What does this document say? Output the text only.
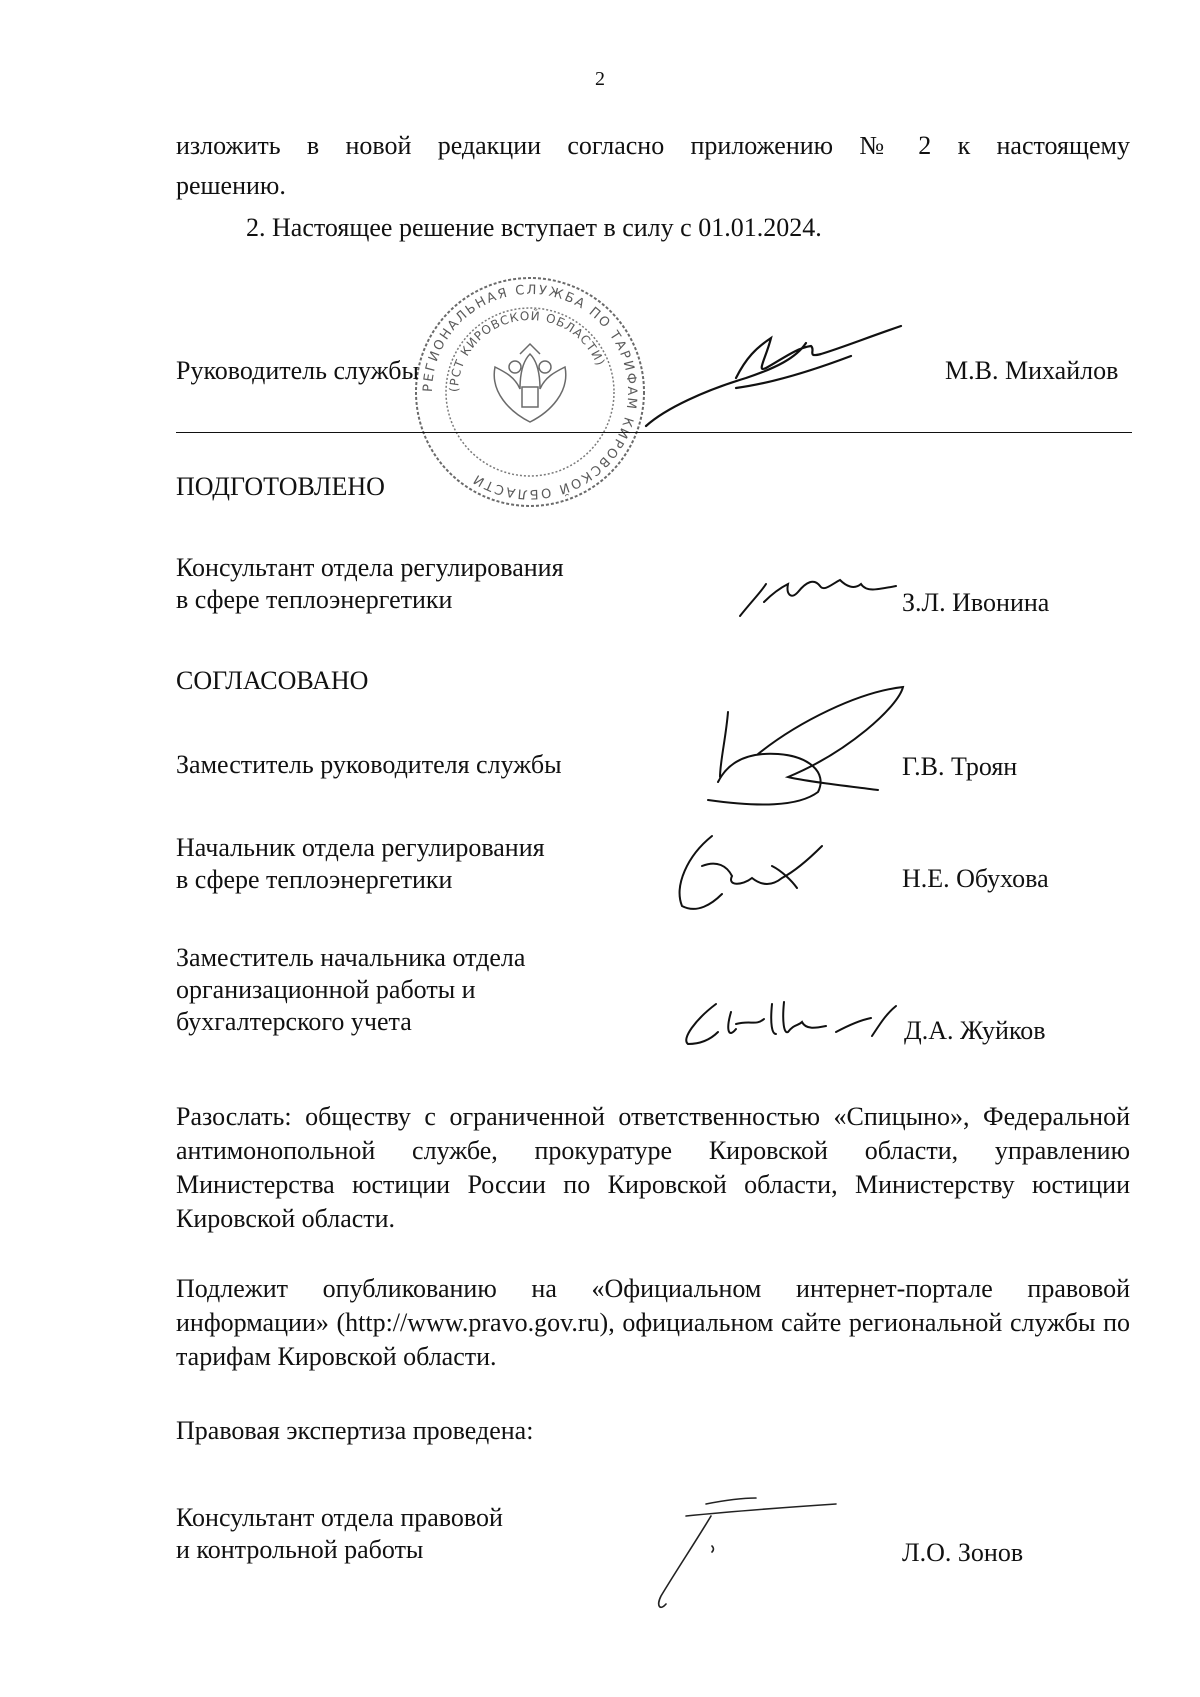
2
изложить в новой редакции согласно приложению № 2 к настоящему
решению.
2. Настоящее решение вступает в силу с 01.01.2024.
РЕГИОНАЛЬНАЯ СЛУЖБА ПО ТАРИФАМ КИРОВСКОЙ ОБЛАСТИ
(РСТ КИРОВСКОЙ ОБЛАСТИ)
Руководитель службы	М.В. Михайлов
ПОДГОТОВЛЕНО
Консультант отдела регулирования
в сфере теплоэнергетики	З.Л. Ивонина
СОГЛАСОВАНО
Заместитель руководителя службы	Г.В. Троян
Начальник отдела регулирования
в сфере теплоэнергетики	Н.Е. Обухова
Заместитель начальника отдела
организационной работы и
бухгалтерского учета	Д.А. Жуйков
Разослать: обществу с ограниченной ответственностью «Спицыно», Федеральной антимонопольной службе, прокуратуре Кировской области, управлению Министерства юстиции России по Кировской области, Министерству юстиции Кировской области.
Подлежит опубликованию на «Официальном интернет-портале правовой информации» (http://www.pravo.gov.ru), официальном сайте региональной службы по тарифам Кировской области.
Правовая экспертиза проведена:
Консультант отдела правовой
и контрольной работы	Л.О. Зонов
